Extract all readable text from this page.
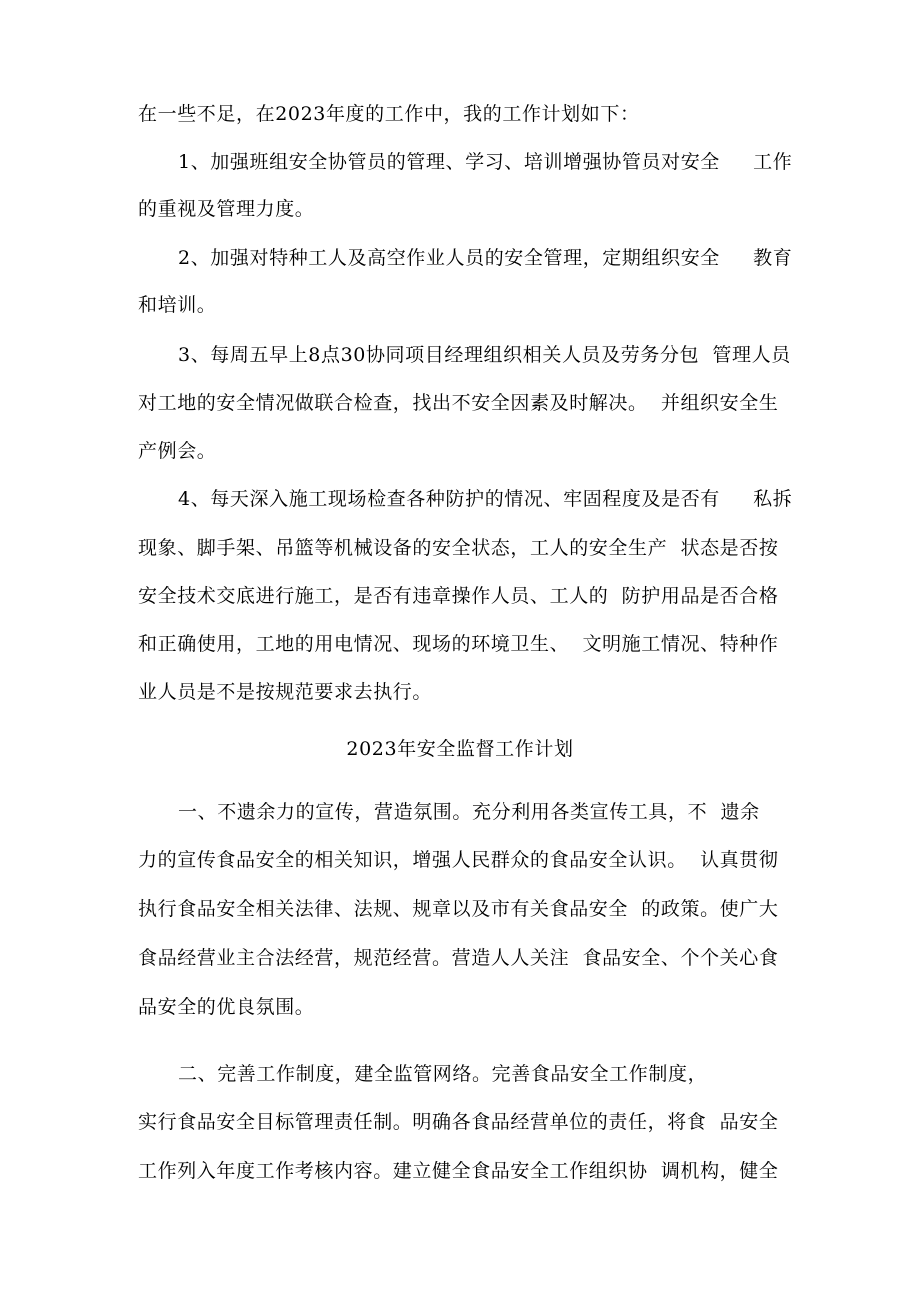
在一些不足，在2023年度的工作中，我的工作计划如下：
1、加强班组安全协管员的管理、学习、培训增强协管员对安全     工作
的重视及管理力度。
2、加强对特种工人及高空作业人员的安全管理，定期组织安全     教育
和培训。
3、每周五早上8点30协同项目经理组织相关人员及劳务分包  管理人员
对工地的安全情况做联合检查，找出不安全因素及时解决。  并组织安全生
产例会。
4、每天深入施工现场检查各种防护的情况、牢固程度及是否有     私拆
现象、脚手架、吊篮等机械设备的安全状态，工人的安全生产  状态是否按
安全技术交底进行施工，是否有违章操作人员、工人的  防护用品是否合格
和正确使用，工地的用电情况、现场的环境卫生、  文明施工情况、特种作
业人员是不是按规范要求去执行。
2023年安全监督工作计划
一、不遗余力的宣传，营造氛围。充分利用各类宣传工具，不  遗余
力的宣传食品安全的相关知识，增强人民群众的食品安全认识。  认真贯彻
执行食品安全相关法律、法规、规章以及市有关食品安全  的政策。使广大
食品经营业主合法经营，规范经营。营造人人关注  食品安全、个个关心食
品安全的优良氛围。
二、完善工作制度，建全监管网络。完善食品安全工作制度，
实行食品安全目标管理责任制。明确各食品经营单位的责任，将食  品安全
工作列入年度工作考核内容。建立健全食品安全工作组织协  调机构，健全
